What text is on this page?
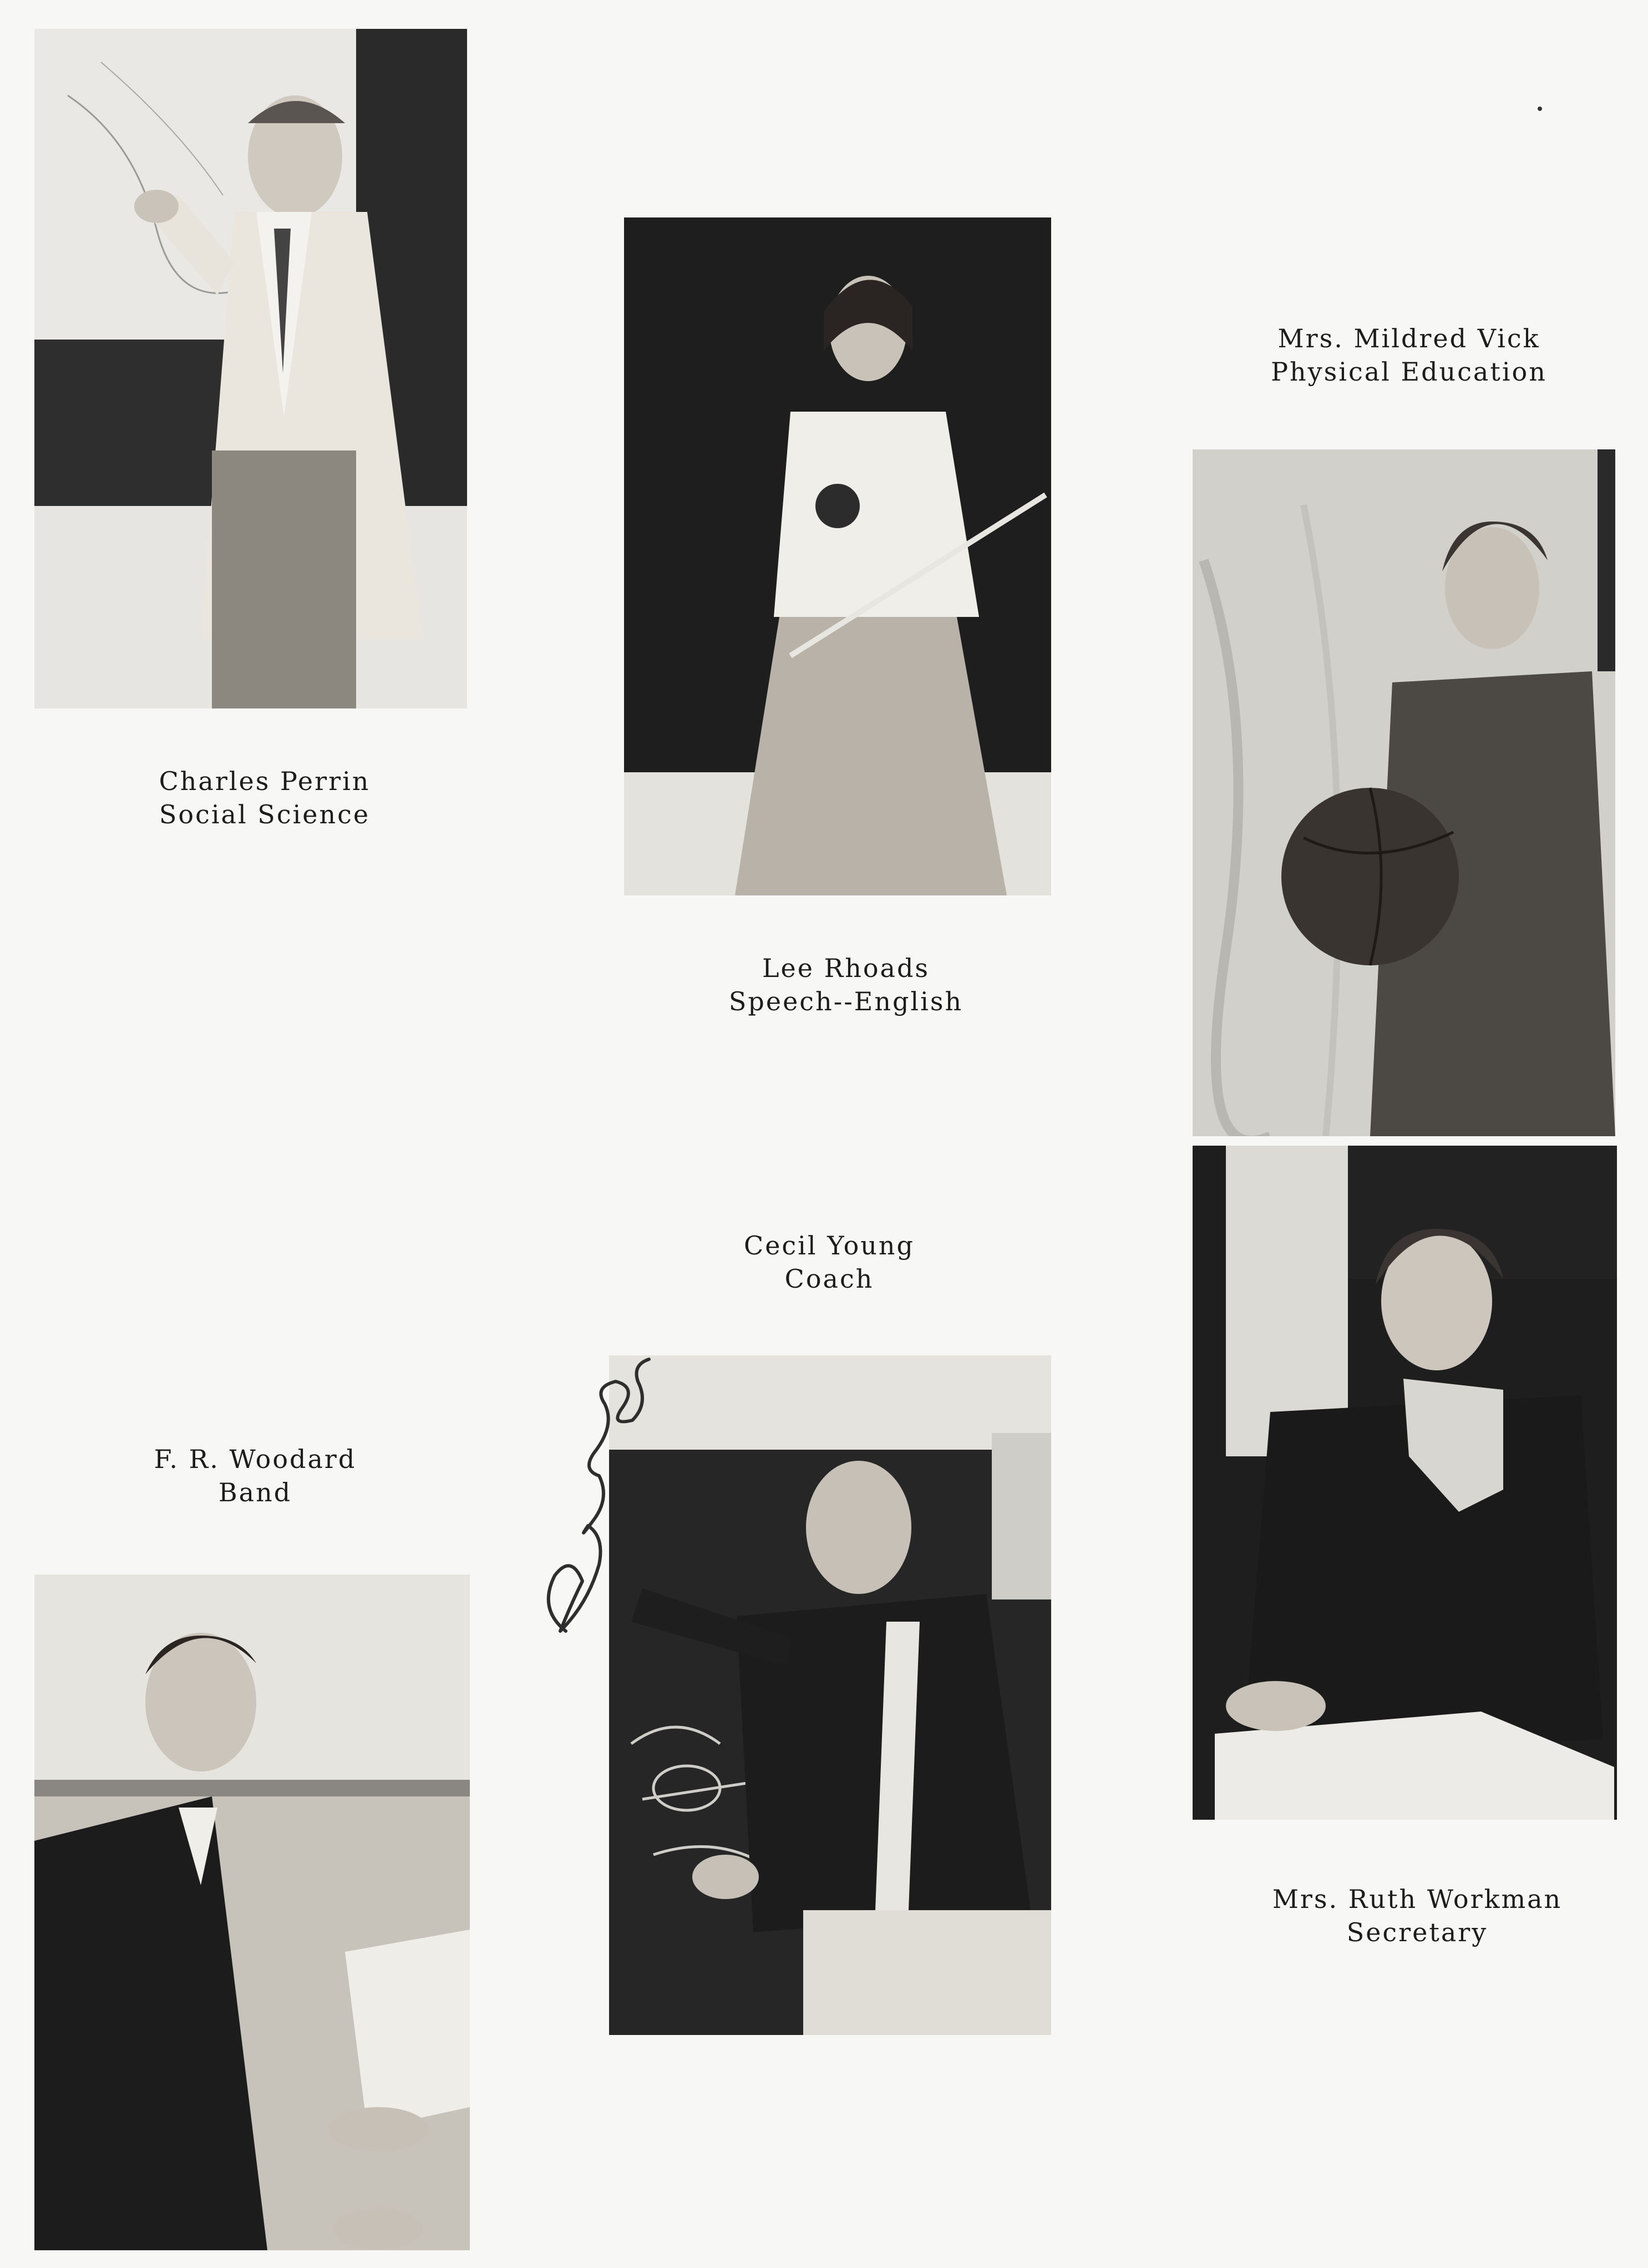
Charles Perrin
Social Science
Lee Rhoads
Speech--English
Mrs. Mildred Vick
Physical Education
Cecil Young
Coach
F. R. Woodard
Band
Mrs. Ruth Workman
Secretary
